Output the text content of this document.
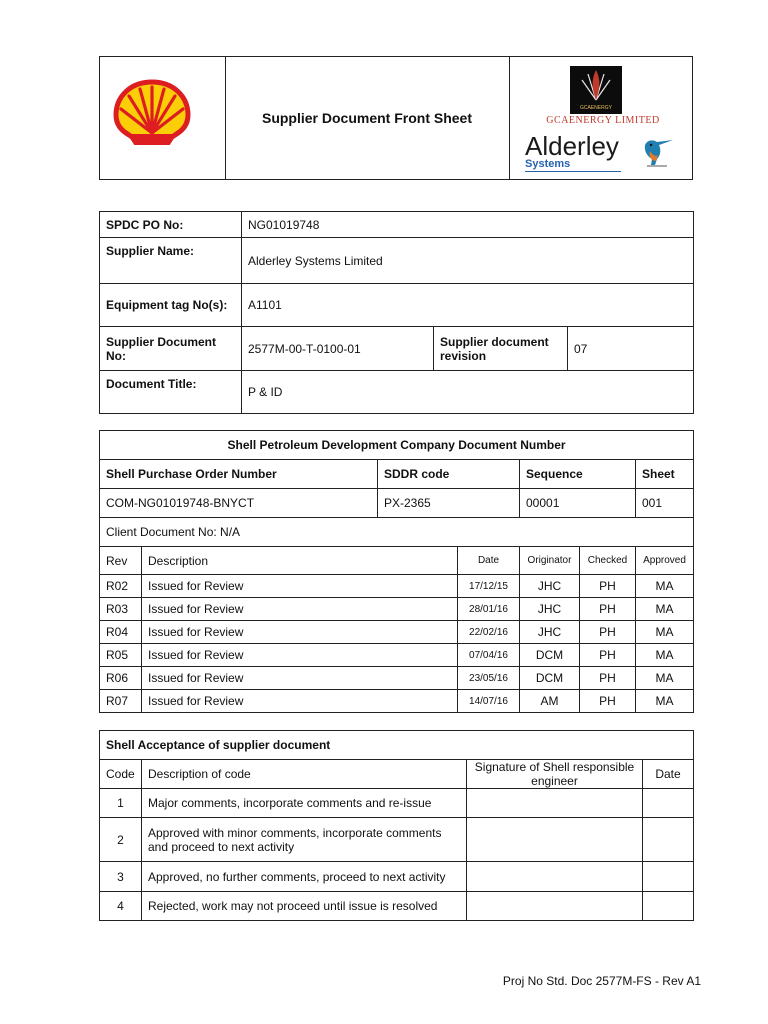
Supplier Document Front Sheet
GCAENERGY
GCAENERGY LIMITED
Alderley
Systems
SPDC PO No:	NG01019748		
Supplier Name:	Alderley Systems Limited		
Equipment tag No(s):	A1101		
Supplier Document No:	2577M-00-T-0100-01	Supplier document revision	07
Document Title:	P & ID		
Shell Petroleum Development Company Document Number						
Shell Purchase Order Number		SDDR code		Sequence		Sheet
COM-NG01019748-BNYCT		PX-2365		00001		001
Client Document No: N/A						
Rev	Description		Date	Originator	Checked	Approved
R02	Issued for Review		17/12/15	JHC	PH	MA
R03	Issued for Review		28/01/16	JHC	PH	MA
R04	Issued for Review		22/02/16	JHC	PH	MA
R05	Issued for Review		07/04/16	DCM	PH	MA
R06	Issued for Review		23/05/16	DCM	PH	MA
R07	Issued for Review		14/07/16	AM	PH	MA
Shell Acceptance of supplier document			
Code	Description of code	Signature of Shell responsible engineer	Date
1	Major comments, incorporate comments and re-issue		
2	Approved with minor comments, incorporate comments and proceed to next activity		
3	Approved, no further comments, proceed to next activity		
4	Rejected, work may not proceed until issue is resolved		
Proj No Std. Doc 2577M-FS - Rev A1
